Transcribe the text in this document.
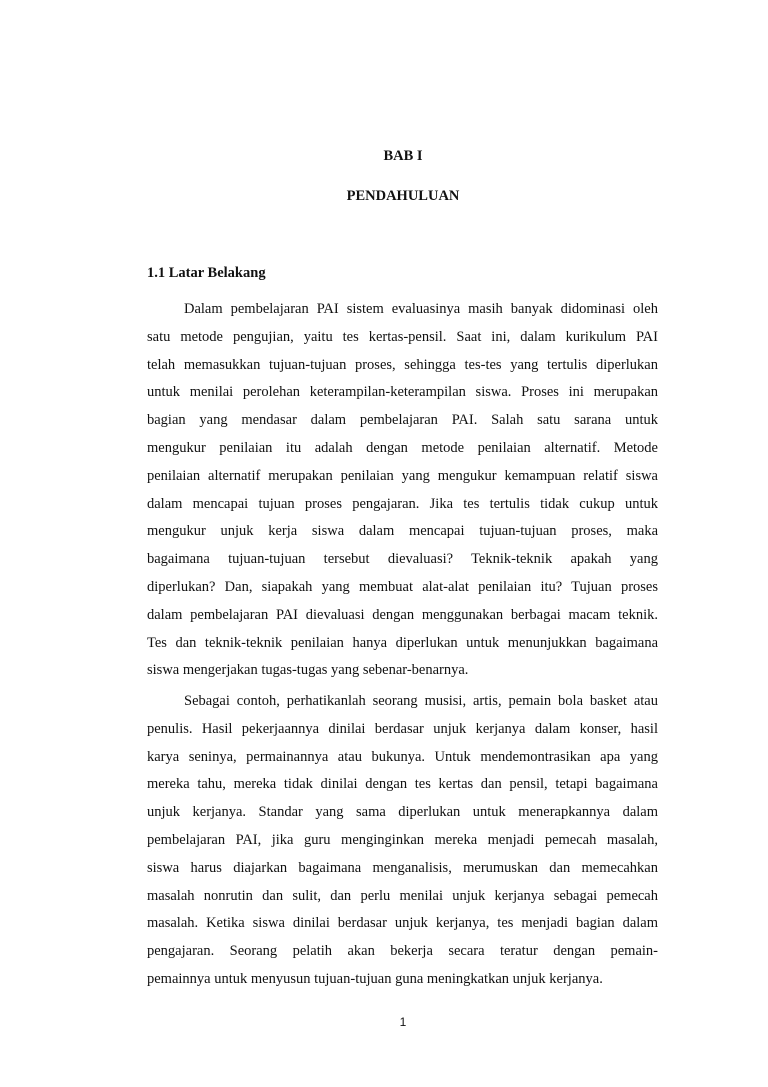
BAB I
PENDAHULUAN
1.1 Latar Belakang
Dalam pembelajaran PAI sistem evaluasinya masih banyak didominasi oleh
satu metode pengujian, yaitu tes kertas-pensil. Saat ini, dalam kurikulum PAI
telah memasukkan tujuan-tujuan proses, sehingga tes-tes yang tertulis diperlukan
untuk menilai perolehan keterampilan-keterampilan siswa. Proses ini merupakan
bagian yang mendasar dalam pembelajaran PAI. Salah satu sarana untuk
mengukur penilaian itu adalah dengan metode penilaian alternatif. Metode
penilaian alternatif merupakan penilaian yang mengukur kemampuan relatif siswa
dalam mencapai tujuan proses pengajaran. Jika tes tertulis tidak cukup untuk
mengukur unjuk kerja siswa dalam mencapai tujuan-tujuan proses, maka
bagaimana tujuan-tujuan tersebut dievaluasi? Teknik-teknik apakah yang
diperlukan? Dan, siapakah yang membuat alat-alat penilaian itu? Tujuan proses
dalam pembelajaran PAI dievaluasi dengan menggunakan berbagai macam teknik.
Tes dan teknik-teknik penilaian hanya diperlukan untuk menunjukkan bagaimana
siswa mengerjakan tugas-tugas yang sebenar-benarnya.
Sebagai contoh, perhatikanlah seorang musisi, artis, pemain bola basket atau
penulis. Hasil pekerjaannya dinilai berdasar unjuk kerjanya dalam konser, hasil
karya seninya, permainannya atau bukunya. Untuk mendemontrasikan apa yang
mereka tahu, mereka tidak dinilai dengan tes kertas dan pensil, tetapi bagaimana
unjuk kerjanya. Standar yang sama diperlukan untuk menerapkannya dalam
pembelajaran PAI, jika guru menginginkan mereka menjadi pemecah masalah,
siswa harus diajarkan bagaimana menganalisis, merumuskan dan memecahkan
masalah nonrutin dan sulit, dan perlu menilai unjuk kerjanya sebagai pemecah
masalah. Ketika siswa dinilai berdasar unjuk kerjanya, tes menjadi bagian dalam
pengajaran. Seorang pelatih akan bekerja secara teratur dengan pemain-
pemainnya untuk menyusun tujuan-tujuan guna meningkatkan unjuk kerjanya.
1
